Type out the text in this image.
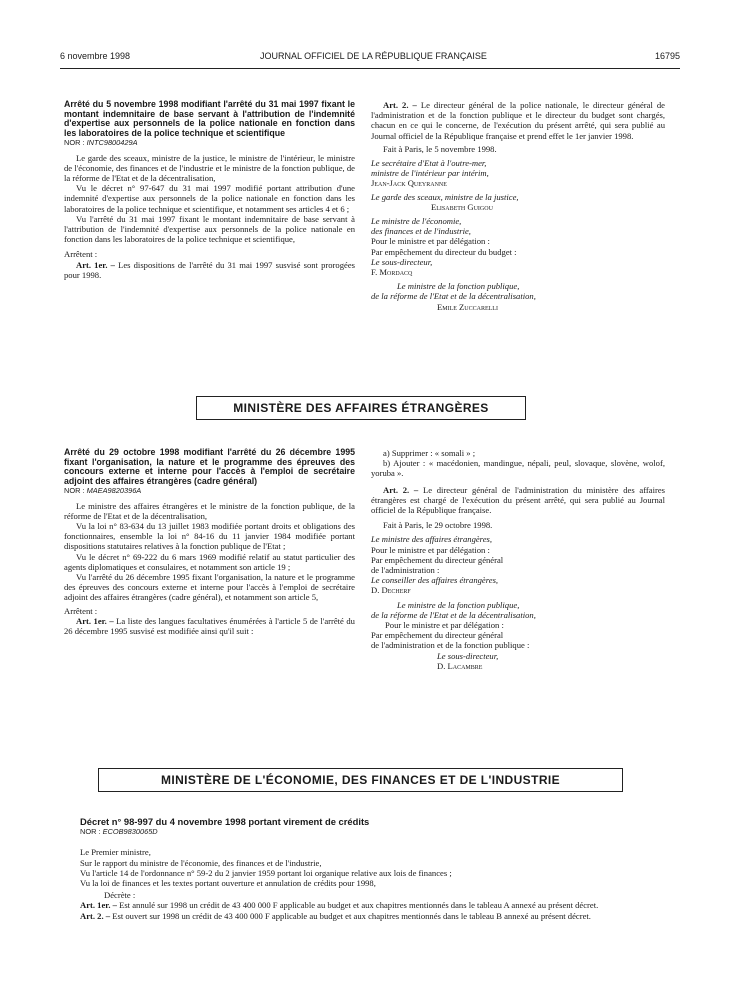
6 novembre 1998	JOURNAL OFFICIEL DE LA RÉPUBLIQUE FRANÇAISE	16795

Arrêté du 5 novembre 1998 modifiant l'arrêté du 31 mai 1997 fixant le montant indemnitaire de base servant à l'attribution de l'indemnité d'expertise aux personnels de la police nationale en fonction dans les laboratoires de la police technique et scientifique

NOR : INTC9800429A

Le garde des sceaux, ministre de la justice, le ministre de l'intérieur, le ministre de l'économie, des finances et de l'industrie et le ministre de la fonction publique, de la réforme de l'Etat et de la décentralisation,

Vu le décret n° 97-647 du 31 mai 1997 modifié portant attribution d'une indemnité d'expertise aux personnels de la police nationale en fonction dans les laboratoires de la police technique et scientifique, et notamment ses articles 4 et 6 ;

Vu l'arrêté du 31 mai 1997 fixant le montant indemnitaire de base servant à l'attribution de l'indemnité d'expertise aux personnels de la police nationale en fonction dans les laboratoires de la police technique et scientifique,

Arrêtent :

Art. 1er. – Les dispositions de l'arrêté du 31 mai 1997 susvisé sont prorogées pour 1998.

Art. 2. – Le directeur général de la police nationale, le directeur général de l'administration et de la fonction publique et le directeur du budget sont chargés, chacun en ce qui le concerne, de l'exécution du présent arrêté, qui sera publié au Journal officiel de la République française et prend effet le 1er janvier 1998.

Fait à Paris, le 5 novembre 1998.

Le secrétaire d'Etat à l'outre-mer,

ministre de l'intérieur par intérim,

Jean-Jack Queyranne

Le garde des sceaux, ministre de la justice,

Elisabeth Guigou

Le ministre de l'économie,

des finances et de l'industrie,

Pour le ministre et par délégation :

Par empêchement du directeur du budget :

Le sous-directeur,

F. Mordacq

Le ministre de la fonction publique,

de la réforme de l'Etat et de la décentralisation,

Emile Zuccarelli

MINISTÈRE DES AFFAIRES ÉTRANGÈRES

Arrêté du 29 octobre 1998 modifiant l'arrêté du 26 décembre 1995 fixant l'organisation, la nature et le programme des épreuves des concours externe et interne pour l'accès à l'emploi de secrétaire adjoint des affaires étrangères (cadre général)

NOR : MAEA9820396A

Le ministre des affaires étrangères et le ministre de la fonction publique, de la réforme de l'Etat et de la décentralisation,

Vu la loi n° 83-634 du 13 juillet 1983 modifiée portant droits et obligations des fonctionnaires, ensemble la loi n° 84-16 du 11 janvier 1984 modifiée portant dispositions statutaires relatives à la fonction publique de l'Etat ;

Vu le décret n° 69-222 du 6 mars 1969 modifié relatif au statut particulier des agents diplomatiques et consulaires, et notamment son article 19 ;

Vu l'arrêté du 26 décembre 1995 fixant l'organisation, la nature et le programme des épreuves des concours externe et interne pour l'accès à l'emploi de secrétaire adjoint des affaires étrangères (cadre général), et notamment son article 5,

Arrêtent :

Art. 1er. – La liste des langues facultatives énumérées à l'article 5 de l'arrêté du 26 décembre 1995 susvisé est modifiée ainsi qu'il suit :

a) Supprimer : « somali » ;

b) Ajouter : « macédonien, mandingue, népali, peul, slovaque, slovène, wolof, yoruba ».

Art. 2. – Le directeur général de l'administration du ministère des affaires étrangères est chargé de l'exécution du présent arrêté, qui sera publié au Journal officiel de la République française.

Fait à Paris, le 29 octobre 1998.

Le ministre des affaires étrangères,

Pour le ministre et par délégation :

Par empêchement du directeur général

de l'administration :

Le conseiller des affaires étrangères,

D. Decherf

Le ministre de la fonction publique,

de la réforme de l'Etat et de la décentralisation,

Pour le ministre et par délégation :

Par empêchement du directeur général

de l'administration et de la fonction publique :

Le sous-directeur,

D. Lacambre

MINISTÈRE DE L'ÉCONOMIE, DES FINANCES ET DE L'INDUSTRIE

Décret n° 98-997 du 4 novembre 1998 portant virement de crédits

NOR : ECOB9830065D

Le Premier ministre,

Sur le rapport du ministre de l'économie, des finances et de l'industrie,

Vu l'article 14 de l'ordonnance n° 59-2 du 2 janvier 1959 portant loi organique relative aux lois de finances ;

Vu la loi de finances et les textes portant ouverture et annulation de crédits pour 1998,

Décrète :

Art. 1er. – Est annulé sur 1998 un crédit de 43 400 000 F applicable au budget et aux chapitres mentionnés dans le tableau A annexé au présent décret.

Art. 2. – Est ouvert sur 1998 un crédit de 43 400 000 F applicable au budget et aux chapitres mentionnés dans le tableau B annexé au présent décret.
